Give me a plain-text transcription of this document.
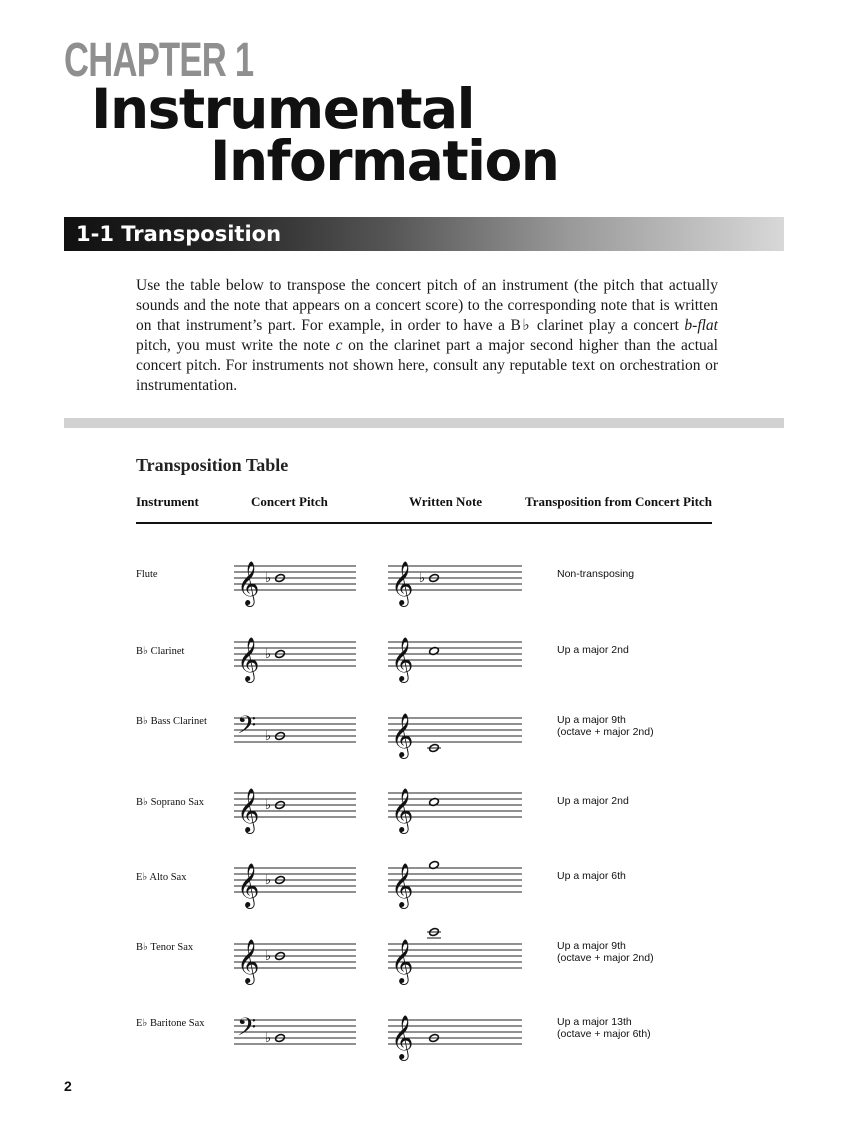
CHAPTER 1
Instrumental
Information
1-1 Transposition

Use the table below to transpose the concert pitch of an instrument (the pitch that actually sounds and the note that appears on a concert score) to the corresponding note that is written on that instrument’s part. For example, in order to have a B♭ clarinet play a concert b-flat pitch, you must write the note c on the clarinet part a major second higher than the actual concert pitch. For instruments not shown here, consult any reputable text on orchestration or instrumentation.

Transposition Table
Instrument	Concert Pitch	Written Note	Transposition from Concert Pitch
Flute 𝄞 ♭	𝄞 ♭	Non-transposing
B♭ Clarinet 𝄞 ♭	𝄞	Up a major 2nd
B♭ Bass Clarinet 𝄢 ♭	𝄞	Up a major 9th
(octave + major 2nd)
B♭ Soprano Sax 𝄞 ♭	𝄞	Up a major 2nd
E♭ Alto Sax 𝄞 ♭	𝄞	Up a major 6th
B♭ Tenor Sax 𝄞 ♭	𝄞	Up a major 9th
(octave + major 2nd)
E♭ Baritone Sax 𝄢 ♭	𝄞	Up a major 13th
(octave + major 6th)
2
